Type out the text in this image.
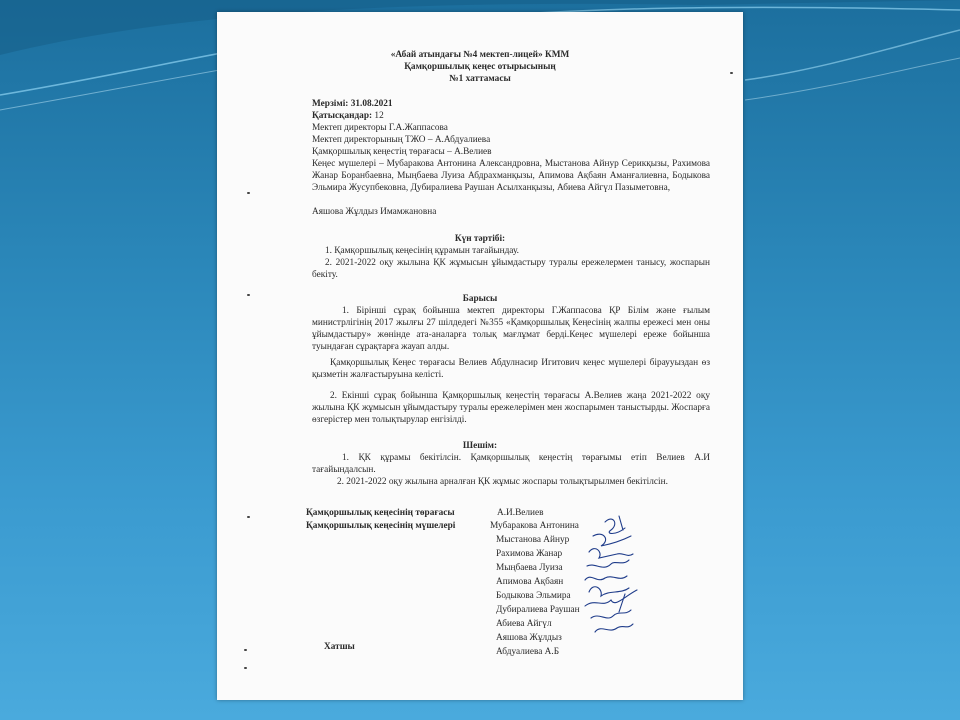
«Абай атындағы №4 мектеп-лицей» КММ
Қамқоршылық кеңес отырысының
№1 хаттамасы
Мерзімі: 31.08.2021
Қатысқандар: 12
Мектеп директоры Г.А.Жаппасова
Мектеп директорының ТЖО – А.Абдуалиева
Қамқоршылық кеңестің төрағасы – А.Велиев
Кеңес мүшелері – Мубаракова Антонина Александровна, Мыстанова Айнур Серикқызы, Рахимова Жанар Боранбаевна, Мыңбаева Луиза Абдрахманқызы, Апимова Ақбаян Аманғалиевна, Бодыкова Эльмира Жусупбековна, Дубиралиева Раушан Асылханқызы, Абиева Айгүл Пазыметовна,
Аяшова Жұлдыз Имамжановна
Күн тәртібі:
1. Қамқоршылық кеңесінің құрамын тағайындау.
2. 2021-2022 оқу жылына ҚК жұмысын ұйымдастыру туралы ережелермен танысу, жоспарын бекіту.
Барысы
1. Бірінші сұрақ бойынша мектеп директоры Г.Жаппасова ҚР Білім және ғылым министрлігінің 2017 жылғы 27 шілдедегі №355 «Қамқоршылық Кеңесінің жалпы ережесі мен оны ұйымдастыру» жөнінде ата-аналарға толық мағлұмат берді.Кеңес мүшелері ереже бойынша туындаған сұрақтарға жауап алды.
Қамқоршылық Кеңес төрағасы Велиев Абдулнасир Игитович кеңес мүшелері біраууыздан өз қызметін жалғастыруына келісті.
2. Екінші сұрақ бойынша Қамқоршылық кеңестің төрағасы А.Велиев жаңа 2021-2022 оқу жылына ҚК жұмысын ұйымдастыру туралы ережелерімен мен жоспарымен таныстырды. Жоспарға өзгерістер мен толықтырулар енгізілді.
Шешім:
1. ҚК құрамы бекітілсін. Қамқоршылық кеңестің төрағымы етіп Велиев А.И тағайындалсын.
2. 2021-2022 оқу жылына арналған ҚК жұмыс жоспары толықтырылмен бекітілсін.
Қамқоршылық кеңесінің төрағасы	А.И.Велиев
Қамқоршылық кеңесінің мүшелері	Мубаракова Антонина
Мыстанова Айнур
Рахимова Жанар
Мыңбаева Луиза
Апимова Ақбаян
Бодыкова Эльмира
Дубиралиева Раушан
Абиева Айгүл
Аяшова Жұлдыз
Абдуалиева А.Б
Хатшы
